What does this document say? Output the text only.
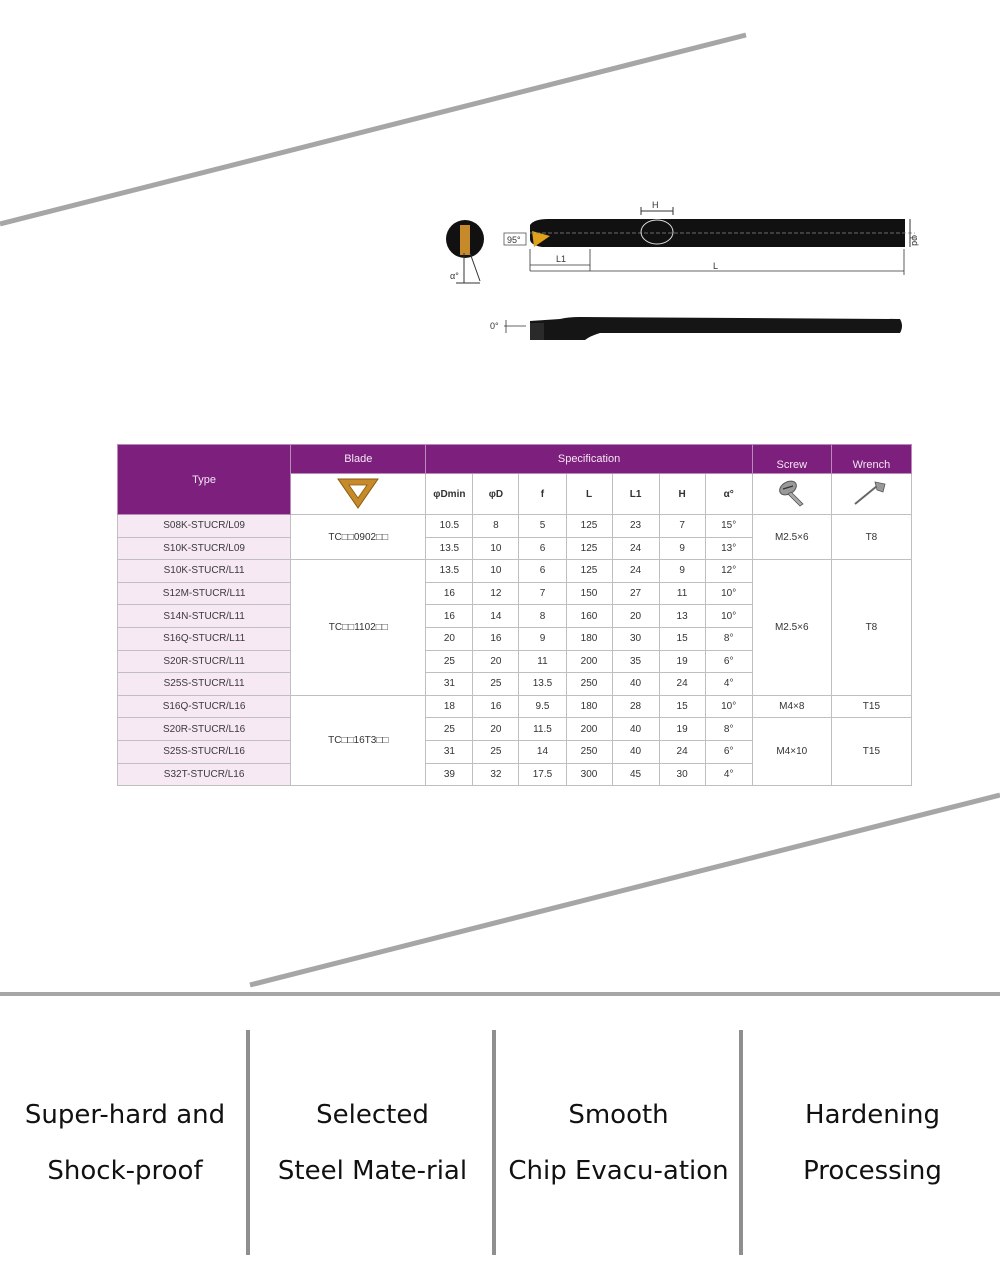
α°
H
95°	φd
L1
L
0°
Type	Blade	Specification							Screw	Wrench
	φDmin	φD	f	L	L1	H	α°		
S08K-STUCR/L09	TC□□0902□□	10.5	8	5	125	23	7	15°	M2.5×6	T8
S10K-STUCR/L09		13.5	10	6	125	24	9	13°		
S10K-STUCR/L11	TC□□1102□□	13.5	10	6	125	24	9	12°	M2.5×6	T8
S12M-STUCR/L11		16	12	7	150	27	11	10°		
S14N-STUCR/L11		16	14	8	160	20	13	10°		
S16Q-STUCR/L11		20	16	9	180	30	15	8°		
S20R-STUCR/L11		25	20	11	200	35	19	6°		
S25S-STUCR/L11		31	25	13.5	250	40	24	4°		
S16Q-STUCR/L16	TC□□16T3□□	18	16	9.5	180	28	15	10°	M4×8	T15
S20R-STUCR/L16		25	20	11.5	200	40	19	8°	M4×10	T15
S25S-STUCR/L16		31	25	14	250	40	24	6°		
S32T-STUCR/L16		39	32	17.5	300	45	30	4°		
Super-hard and
Shock-proof
Selected
Steel Mate-rial
Smooth
Chip Evacu-ation
Hardening
Processing
